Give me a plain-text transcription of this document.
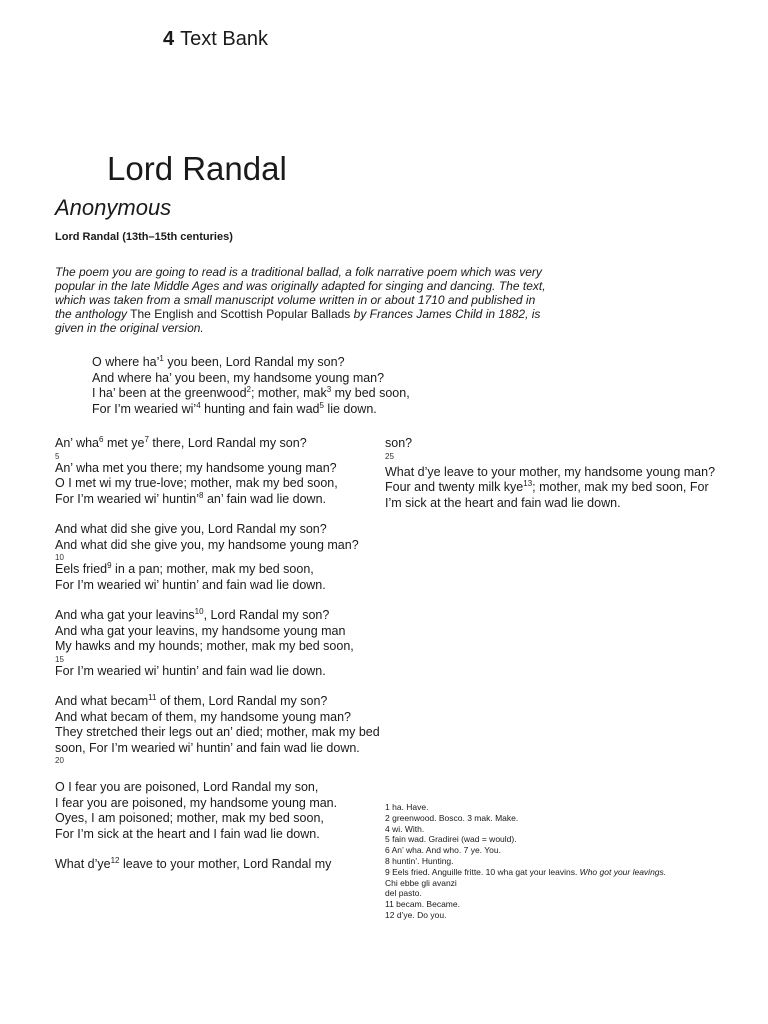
4 Text Bank
Lord Randal
Anonymous
Lord Randal (13th–15th centuries)
The poem you are going to read is a traditional ballad, a folk narrative poem which was very popular in the late Middle Ages and was originally adapted for singing and dancing. The text, which was taken from a small manuscript volume written in or about 1710 and published in the anthology The English and Scottish Popular Ballads by Frances James Child in 1882, is given in the original version.
O where ha’$^1$ you been, Lord Randal my son?
And where ha’ you been, my handsome young man?
I ha’ been at the greenwood$^2$; mother, mak$^3$ my bed soon,
For I’m wearied wi’$^4$ hunting and fain wad$^5$ lie down.
An’ wha$^6$ met $ye^7$ there, Lord Randal my son?
5
An’ wha met you there; my handsome young man?
O I met wi my true-love; mother, mak my bed soon,
For I’m wearied wi’ huntin’$^8$ an’ fain wad lie down.
And what did she give you, Lord Randal my son?
And what did she give you, my handsome young man?
10
Eels fried$^9$ in a pan; mother, mak my bed soon,
For I’m wearied wi’ huntin’ and fain wad lie down.
And wha gat your leavins$^{10}$, Lord Randal my son?
And wha gat your leavins, my handsome young man
My hawks and my hounds; mother, mak my bed soon,
15
For I’m wearied wi’ huntin’ and fain wad lie down.
And what becam$^{11}$ of them, Lord Randal my son?
And what becam of them, my handsome young man?
They stretched their legs out an’ died; mother, mak my bed soon, For I’m wearied wi’ huntin’ and fain wad lie down.
20
O I fear you are poisoned, Lord Randal my son,
I fear you are poisoned, my handsome young man.
Oyes, I am poisoned; mother, mak my bed soon,
For I’m sick at the heart and I fain wad lie down.
What $d’ye^{12}$ leave to your mother, Lord Randal my
son?
25
What d’ye leave to your mother, my handsome young man? Four and twenty milk kye$^{13}$; mother, mak my bed soon, For I’m sick at the heart and fain wad lie down.
1 ha. Have.
2 greenwood. Bosco. 3 mak. Make.
4 wi. With.
5 fain wad. Gradirei (wad = would).
6 An’ wha. And who. 7 ye. You.
8 huntin’. Hunting.
9 Eels fried. Anguille fritte. 10 wha gat your leavins. Who got your leavings.
Chi ebbe gli avanzi
del pasto.
11 becam. Became.
12 d’ye. Do you.
